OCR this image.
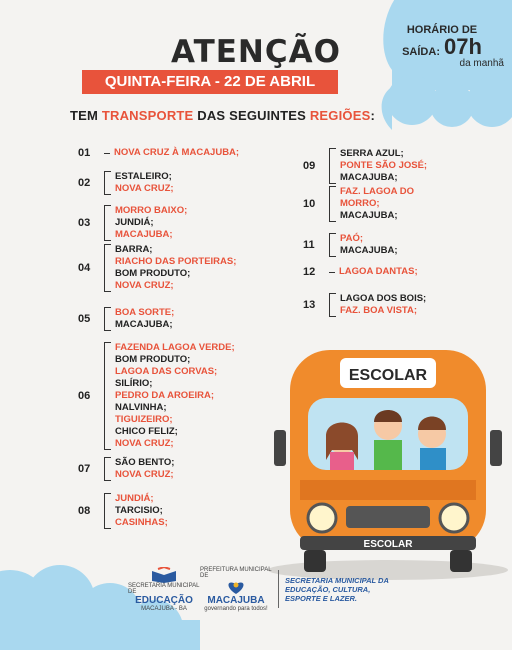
ATENÇÃO
QUINTA-FEIRA - 22 DE ABRIL
HORÁRIO DE
SAÍDA: 07h
da manhã
TEM TRANSPORTE DAS SEGUINTES REGIÕES:
01	NOVA CRUZ À MACAJUBA;
02
ESTALEIRO;
NOVA CRUZ;
03
MORRO BAIXO;
JUNDIÁ;
MACAJUBA;
04
BARRA;
RIACHO DAS PORTEIRAS;
BOM PRODUTO;
NOVA CRUZ;
05
BOA SORTE;
MACAJUBA;
06
FAZENDA LAGOA VERDE;
BOM PRODUTO;
LAGOA DAS CORVAS;
SILÍRIO;
PEDRO DA AROEIRA;
NALVINHA;
TIGUIZEIRO;
CHICO FELIZ;
NOVA CRUZ;
07
SÃO BENTO;
NOVA CRUZ;
08
JUNDIÁ;
TARCISIO;
CASINHAS;
09
SERRA AZUL;
PONTE SÃO JOSÉ;
MACAJUBA;
10
FAZ. LAGOA DO
MORRO;
MACAJUBA;
11
PAÓ;
MACAJUBA;
12	LAGOA DANTAS;
13
LAGOA DOS BOIS;
FAZ. BOA VISTA;
ESCOLAR
ESCOLAR
SECRETARIA MUNICIPAL DE
EDUCAÇÃO
MACAJUBA - BA
PREFEITURA MUNICIPAL DE
MACAJUBA
governando para todos!
SECRETARIA MUNICIPAL DA EDUCAÇÃO, CULTURA, ESPORTE E LAZER.
